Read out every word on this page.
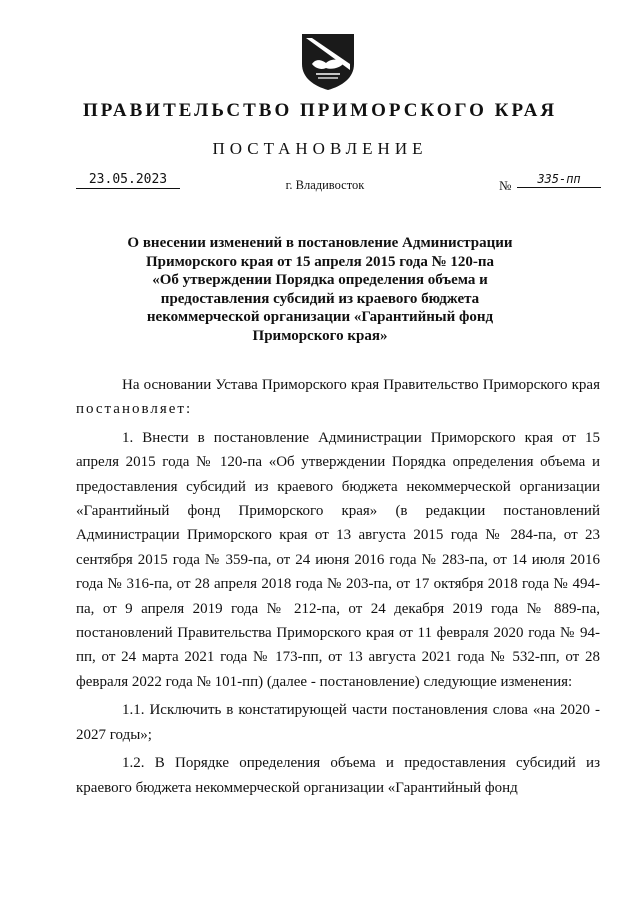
ПРАВИТЕЛЬСТВО ПРИМОРСКОГО КРАЯ
ПОСТАНОВЛЕНИЕ
23.05.2023	г. Владивосток	№	335-пп
О внесении изменений в постановление Администрации
Приморского края от 15 апреля 2015 года № 120-па
«Об утверждении Порядка определения объема и
предоставления субсидий из краевого бюджета
некоммерческой организации «Гарантийный фонд
Приморского края»

На основании Устава Приморского края Правительство Приморского края постановляет:

1. Внести в постановление Администрации Приморского края от 15 апреля 2015 года № 120-па «Об утверждении Порядка определения объема и предоставления субсидий из краевого бюджета некоммерческой организации «Гарантийный фонд Приморского края» (в редакции постановлений Администрации Приморского края от 13 августа 2015 года № 284-па, от 23 сентября 2015 года № 359-па, от 24 июня 2016 года № 283-па, от 14 июля 2016 года № 316-па, от 28 апреля 2018 года № 203-па, от 17 октября 2018 года № 494-па, от 9 апреля 2019 года № 212-па, от 24 декабря 2019 года № 889-па, постановлений Правительства Приморского края от 11 февраля 2020 года № 94-пп, от 24 марта 2021 года № 173-пп, от 13 августа 2021 года № 532-пп, от 28 февраля 2022 года № 101-пп) (далее - постановление) следующие изменения:

1.1. Исключить в констатирующей части постановления слова «на 2020 - 2027 годы»;

1.2. В Порядке определения объема и предоставления субсидий из краевого бюджета некоммерческой организации «Гарантийный фонд
